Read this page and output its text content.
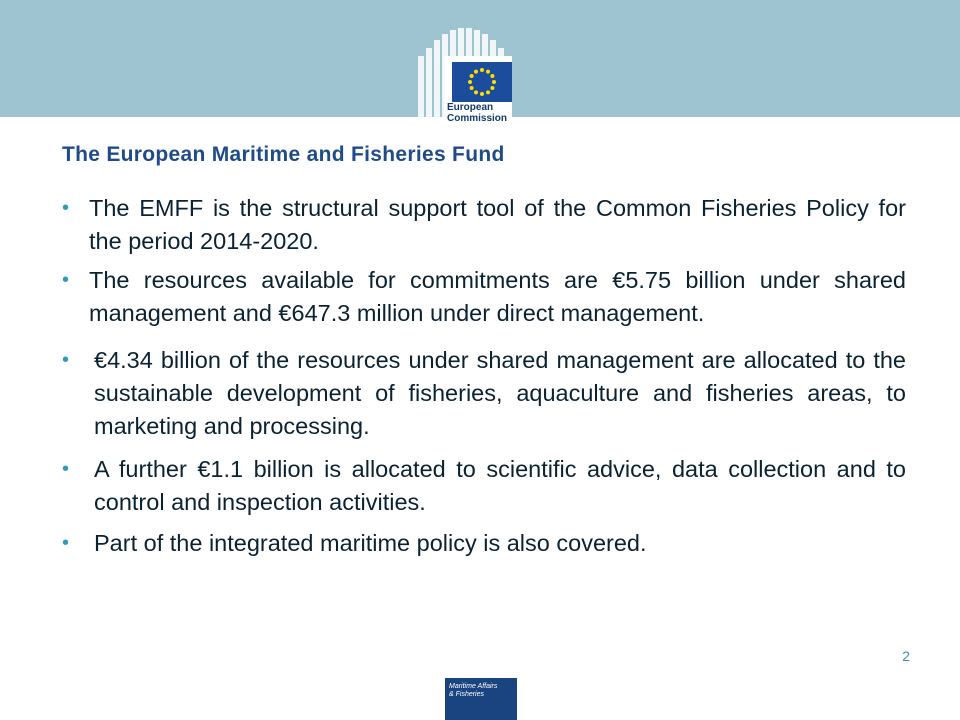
European
Commission
The European Maritime and Fisheries Fund
• The EMFF is the structural support tool of the Common Fisheries Policy for the period 2014-2020.
• The resources available for commitments are €5.75 billion under shared management and €647.3 million under direct management.
• €4.34 billion of the resources under shared management are allocated to the sustainable development of fisheries, aquaculture and fisheries areas, to marketing and processing.
• A further €1.1 billion is allocated to scientific advice, data collection and to control and inspection activities.
• Part of the integrated maritime policy is also covered.
2
Maritime Affairs
& Fisheries
